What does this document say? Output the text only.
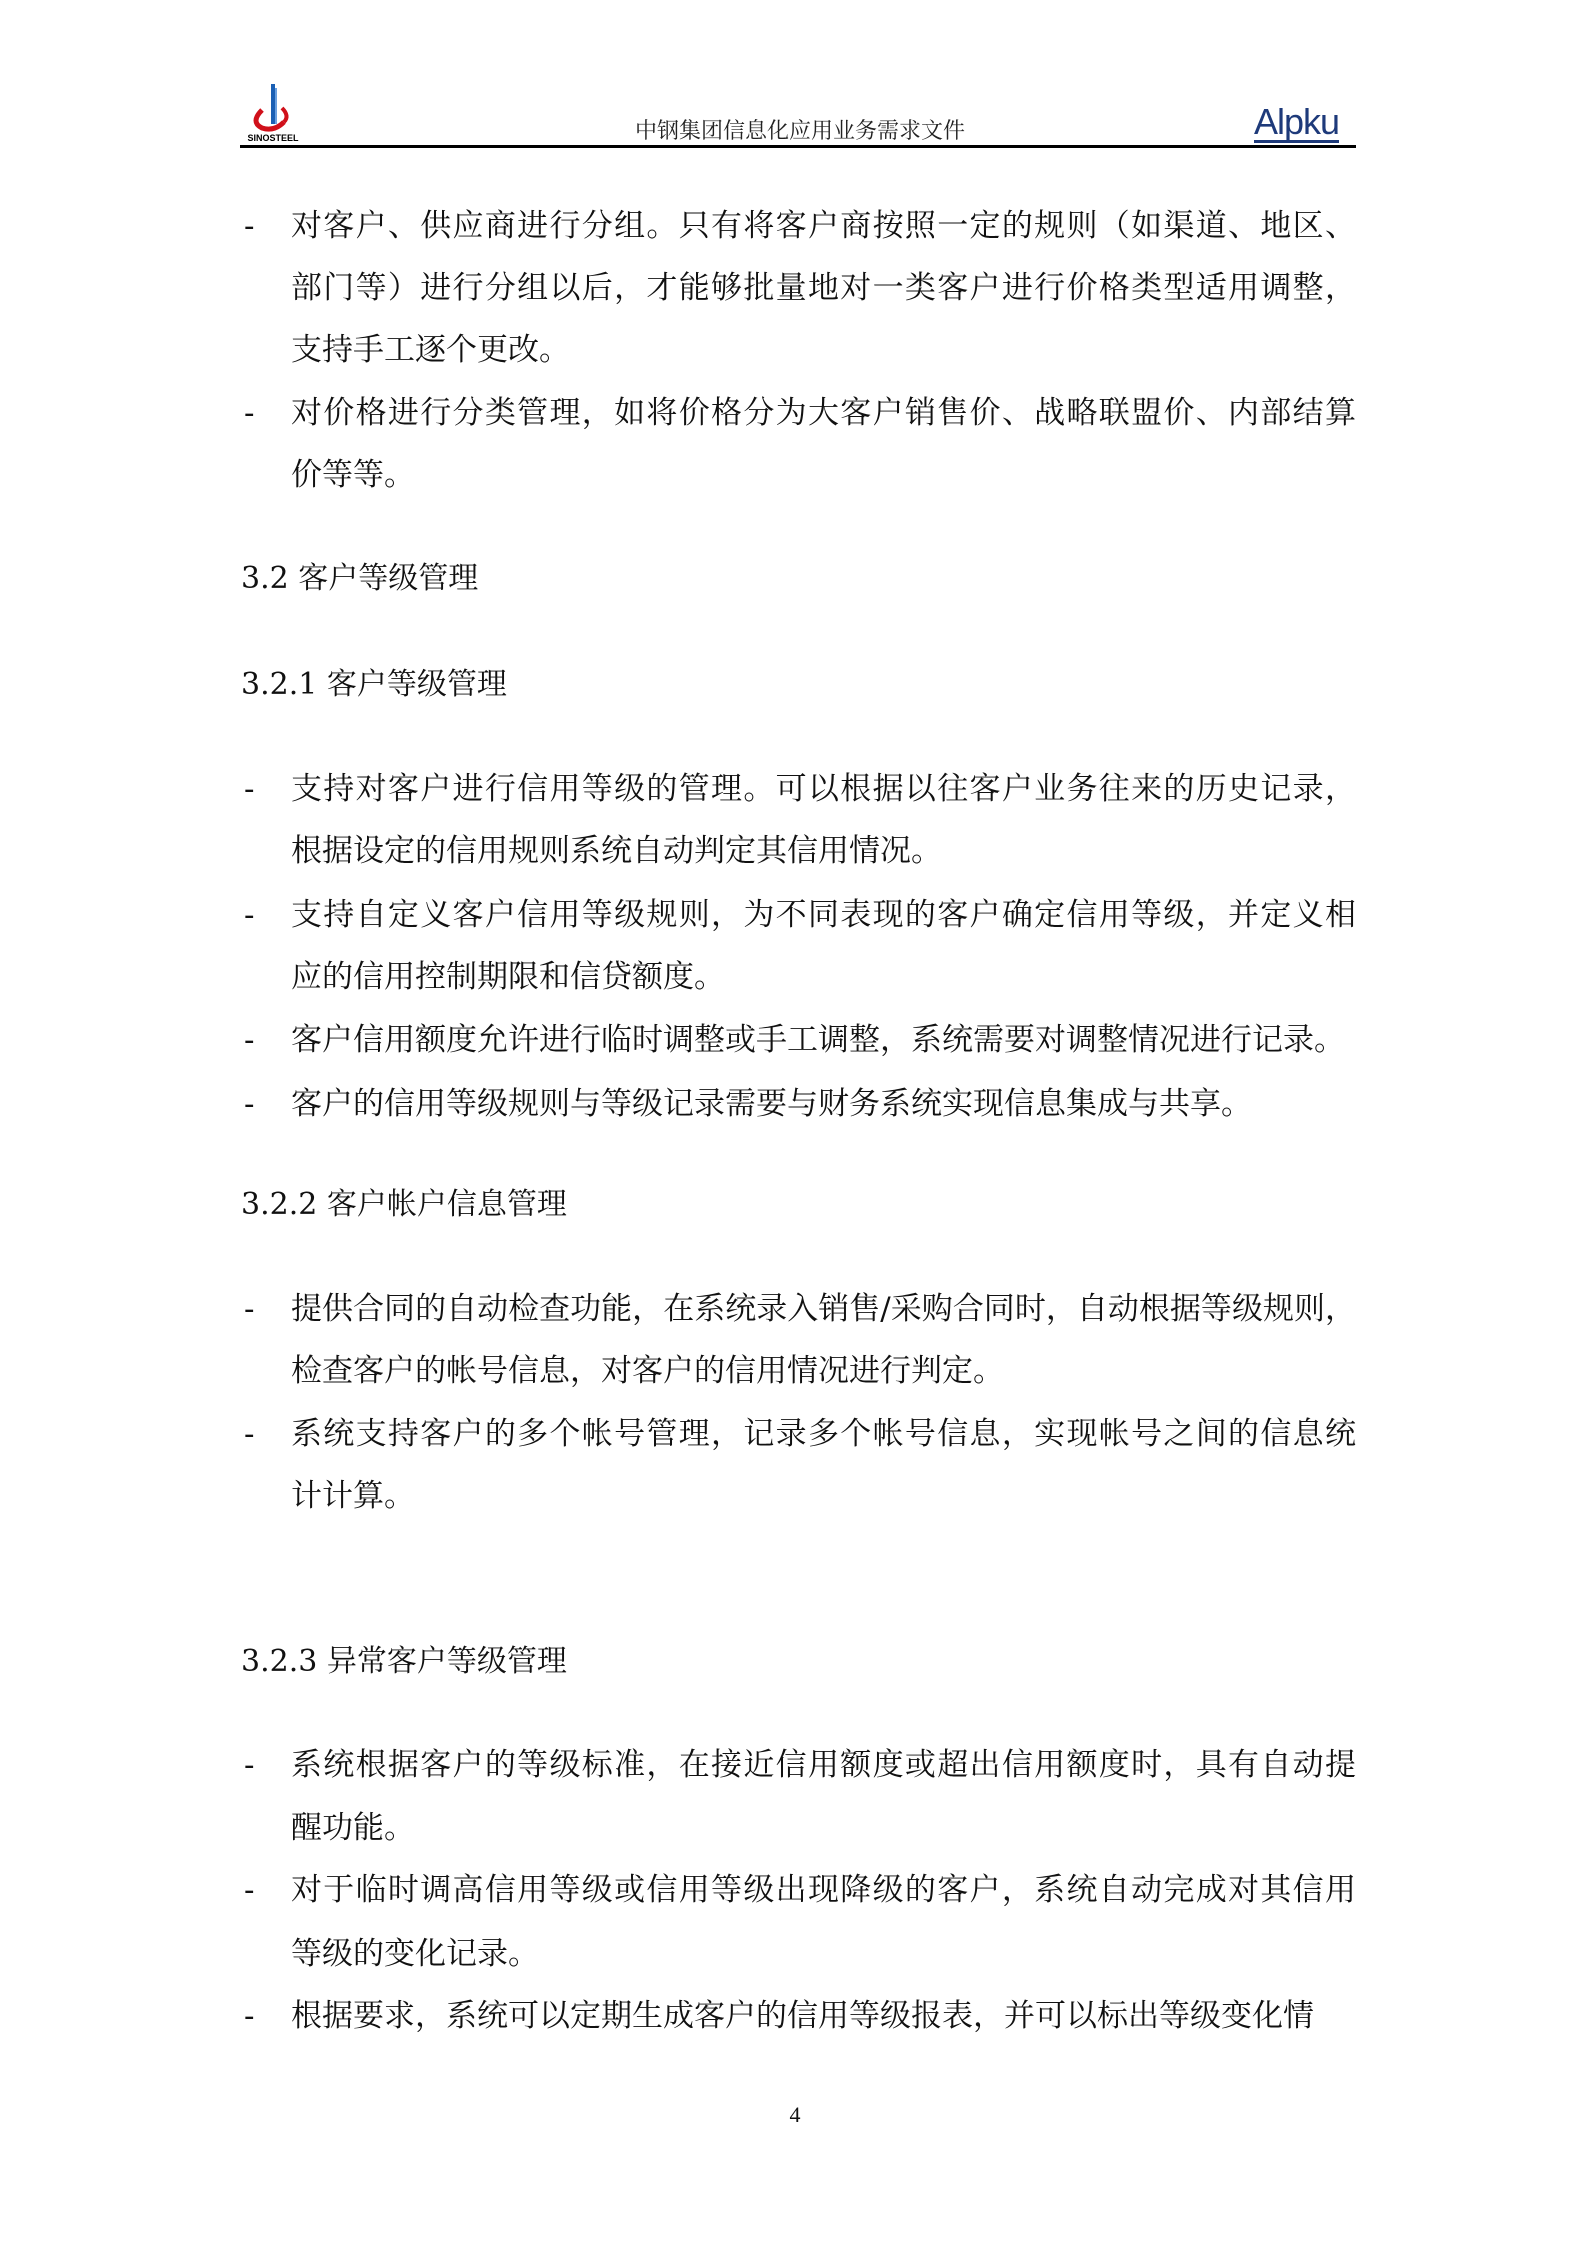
SINOSTEEL	中钢集团信息化应用业务需求文件	Alpku
- 对客户、供应商进行分组。只有将客户商按照一定的规则（如渠道、地区、
部门等）进行分组以后，才能够批量地对一类客户进行价格类型适用调整，
支持手工逐个更改。
- 对价格进行分类管理，如将价格分为大客户销售价、战略联盟价、内部结算
价等等。
3.2 客户等级管理
3.2.1 客户等级管理
- 支持对客户进行信用等级的管理。可以根据以往客户业务往来的历史记录，
根据设定的信用规则系统自动判定其信用情况。
- 支持自定义客户信用等级规则，为不同表现的客户确定信用等级，并定义相
应的信用控制期限和信贷额度。
- 客户信用额度允许进行临时调整或手工调整，系统需要对调整情况进行记录。
- 客户的信用等级规则与等级记录需要与财务系统实现信息集成与共享。
3.2.2 客户帐户信息管理
- 提供合同的自动检查功能，在系统录入销售/采购合同时，自动根据等级规则，
检查客户的帐号信息，对客户的信用情况进行判定。
- 系统支持客户的多个帐号管理，记录多个帐号信息，实现帐号之间的信息统
计计算。
3.2.3 异常客户等级管理
- 系统根据客户的等级标准，在接近信用额度或超出信用额度时，具有自动提
醒功能。
- 对于临时调高信用等级或信用等级出现降级的客户，系统自动完成对其信用
等级的变化记录。
- 根据要求，系统可以定期生成客户的信用等级报表，并可以标出等级变化情
4
